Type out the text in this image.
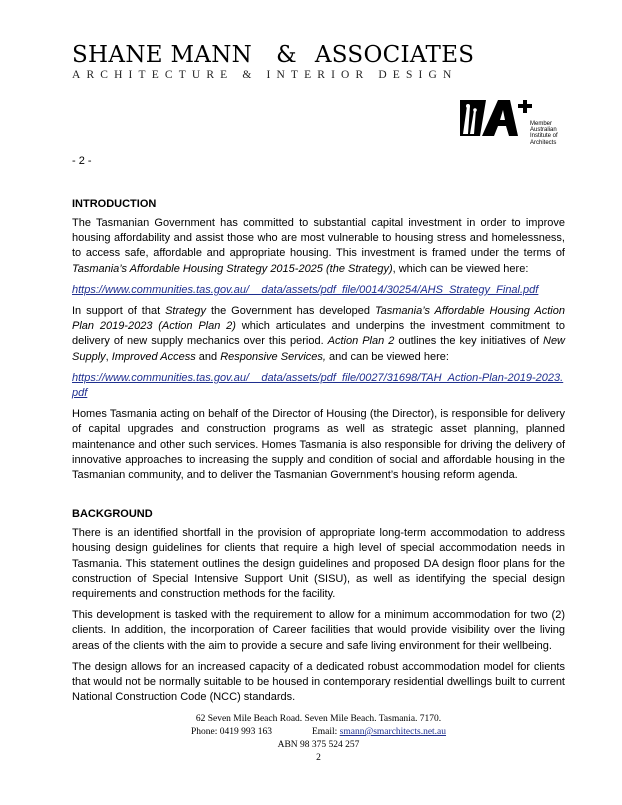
SHANE MANN & ASSOCIATES
ARCHITECTURE & INTERIOR DESIGN
Member
Australian
Institute of
Architects
- 2 -
INTRODUCTION

The Tasmanian Government has committed to substantial capital investment in order to improve housing affordability and assist those who are most vulnerable to housing stress and homelessness, to access safe, affordable and appropriate housing. This investment is framed under the terms of Tasmania’s Affordable Housing Strategy 2015-2025 (the Strategy), which can be viewed here:

https://www.communities.tas.gov.au/__data/assets/pdf_file/0014/30254/AHS_Strategy_Final.pdf

In support of that Strategy the Government has developed Tasmania’s Affordable Housing Action Plan 2019-2023 (Action Plan 2) which articulates and underpins the investment commitment to delivery of new supply mechanics over this period. Action Plan 2 outlines the key initiatives of New Supply, Improved Access and Responsive Services, and can be viewed here:

https://www.communities.tas.gov.au/__data/assets/pdf_file/0027/31698/TAH_Action-Plan-2019-2023.pdf

Homes Tasmania acting on behalf of the Director of Housing (the Director), is responsible for delivery of capital upgrades and construction programs as well as strategic asset planning, planned maintenance and other such services. Homes Tasmania is also responsible for driving the delivery of innovative approaches to increasing the supply and condition of social and affordable housing in the Tasmanian community, and to deliver the Tasmanian Government’s housing reform agenda.

BACKGROUND

There is an identified shortfall in the provision of appropriate long-term accommodation to address housing design guidelines for clients that require a high level of special accommodation needs in Tasmania. This statement outlines the design guidelines and proposed DA design floor plans for the construction of Special Intensive Support Unit (SISU), as well as identifying the special design requirements and construction methods for the facility.

This development is tasked with the requirement to allow for a minimum accommodation for two (2) clients. In addition, the incorporation of Career facilities that would provide visibility over the living areas of the clients with the aim to provide a secure and safe living environment for their wellbeing.

The design allows for an increased capacity of a dedicated robust accommodation model for clients that would not be normally suitable to be housed in contemporary residential dwellings built to current National Construction Code (NCC) standards.

62 Seven Mile Beach Road. Seven Mile Beach. Tasmania. 7170.
Phone: 0419 993 163	Email: smann@smarchitects.net.au
ABN 98 375 524 257
2
